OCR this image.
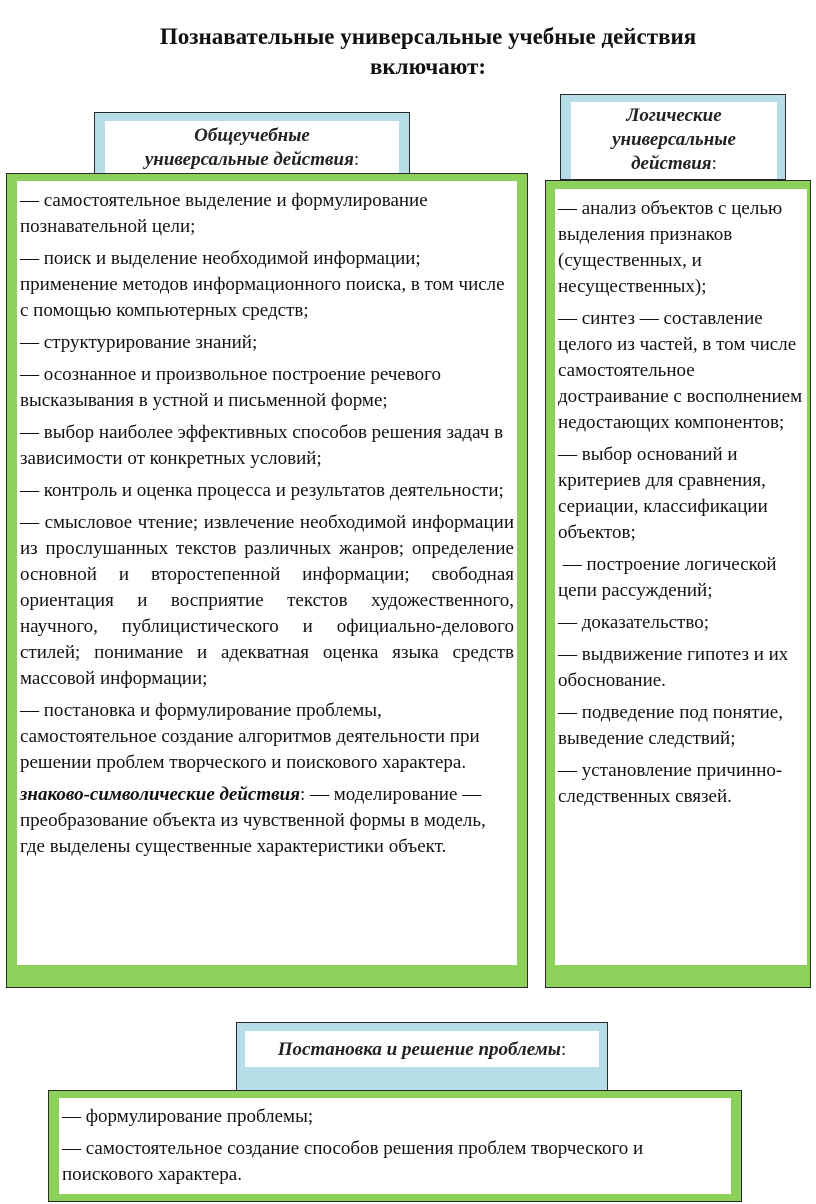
Познавательные универсальные учебные действия
включают:
Общеучебные
универсальные действия:
Логические
универсальные
действия:
— самостоятельное выделение и формулирование познавательной цели;
— поиск и выделение необходимой информации; применение методов информационного поиска, в том числе с помощью компьютерных средств;
— структурирование знаний;
— осознанное и произвольное построение речевого высказывания в устной и письменной форме;
— выбор наиболее эффективных способов решения задач в зависимости от конкретных условий;
— контроль и оценка процесса и результатов деятельности;
— смысловое чтение; извлечение необходимой информации из прослушанных текстов различных жанров; определение основной и второстепенной информации; свободная ориентация и восприятие текстов художественного, научного, публицистического и официально-делового стилей; понимание и адекватная оценка языка средств массовой информации;
— постановка и формулирование проблемы, самостоятельное создание алгоритмов деятельности при решении проблем творческого и поискового характера.
знаково-символические действия: — моделирование — преобразование объекта из чувственной формы в модель, где выделены существенные характеристики объект.
— анализ объектов с целью выделения признаков (существенных, и несущественных);
— синтез — составление целого из частей, в том числе самостоятельное достраивание с восполнением недостающих компонентов;
— выбор оснований и критериев для сравнения, сериации, классификации объектов;
— построение логической цепи рассуждений;
— доказательство;
— выдвижение гипотез и их обоснование.
— подведение под понятие, выведение следствий;
— установление причинно-следственных связей.
Постановка и решение проблемы:
— формулирование проблемы;
— самостоятельное создание способов решения проблем творческого и поискового характера.
